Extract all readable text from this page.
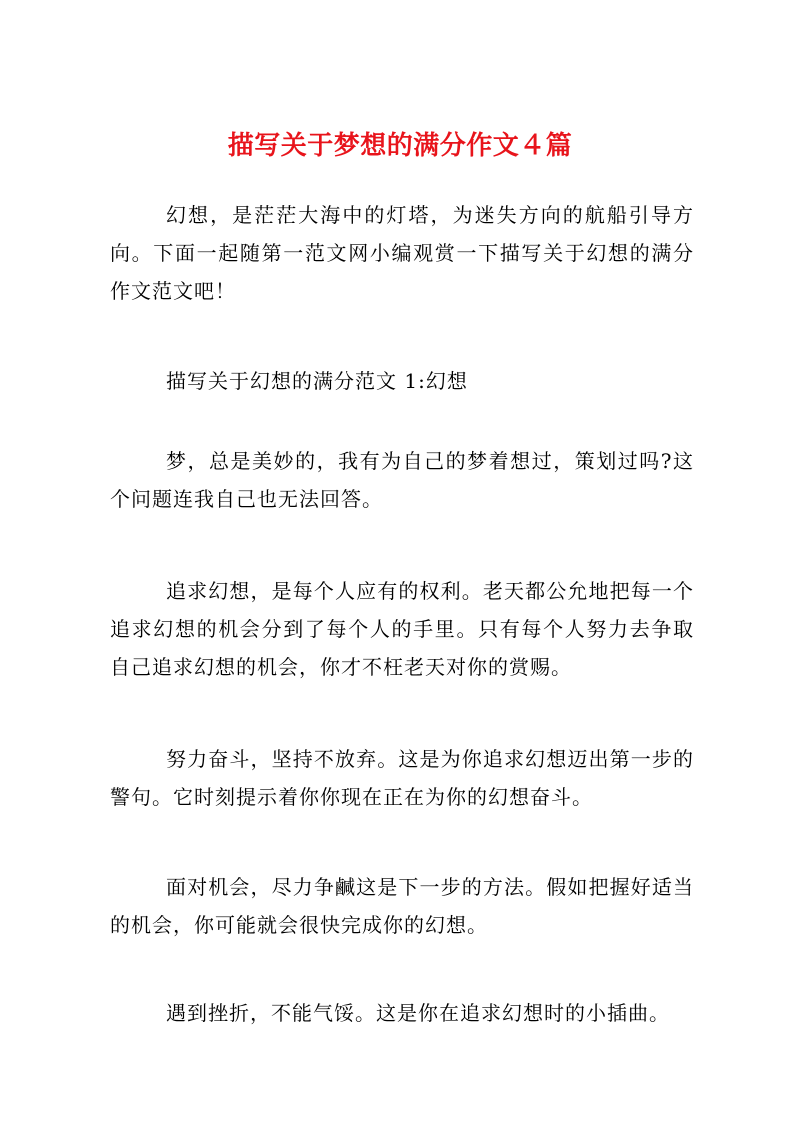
描写关于梦想的满分作文４篇

幻想，是茫茫大海中的灯塔，为迷失方向的航船引导方向。下面一起随第一范文网小编观赏一下描写关于幻想的满分作文范文吧！

描写关于幻想的满分范文 1:幻想

梦，总是美妙的，我有为自己的梦着想过，策划过吗?这个问题连我自己也无法回答。

追求幻想，是每个人应有的权利。老天都公允地把每一个追求幻想的机会分到了每个人的手里。只有每个人努力去争取自己追求幻想的机会，你才不枉老天对你的赏赐。

努力奋斗，坚持不放弃。这是为你追求幻想迈出第一步的警句。它时刻提示着你你现在正在为你的幻想奋斗。

面对机会，尽力争鹹这是下一步的方法。假如把握好适当的机会，你可能就会很快完成你的幻想。

遇到挫折，不能气馁。这是你在追求幻想时的小插曲。
